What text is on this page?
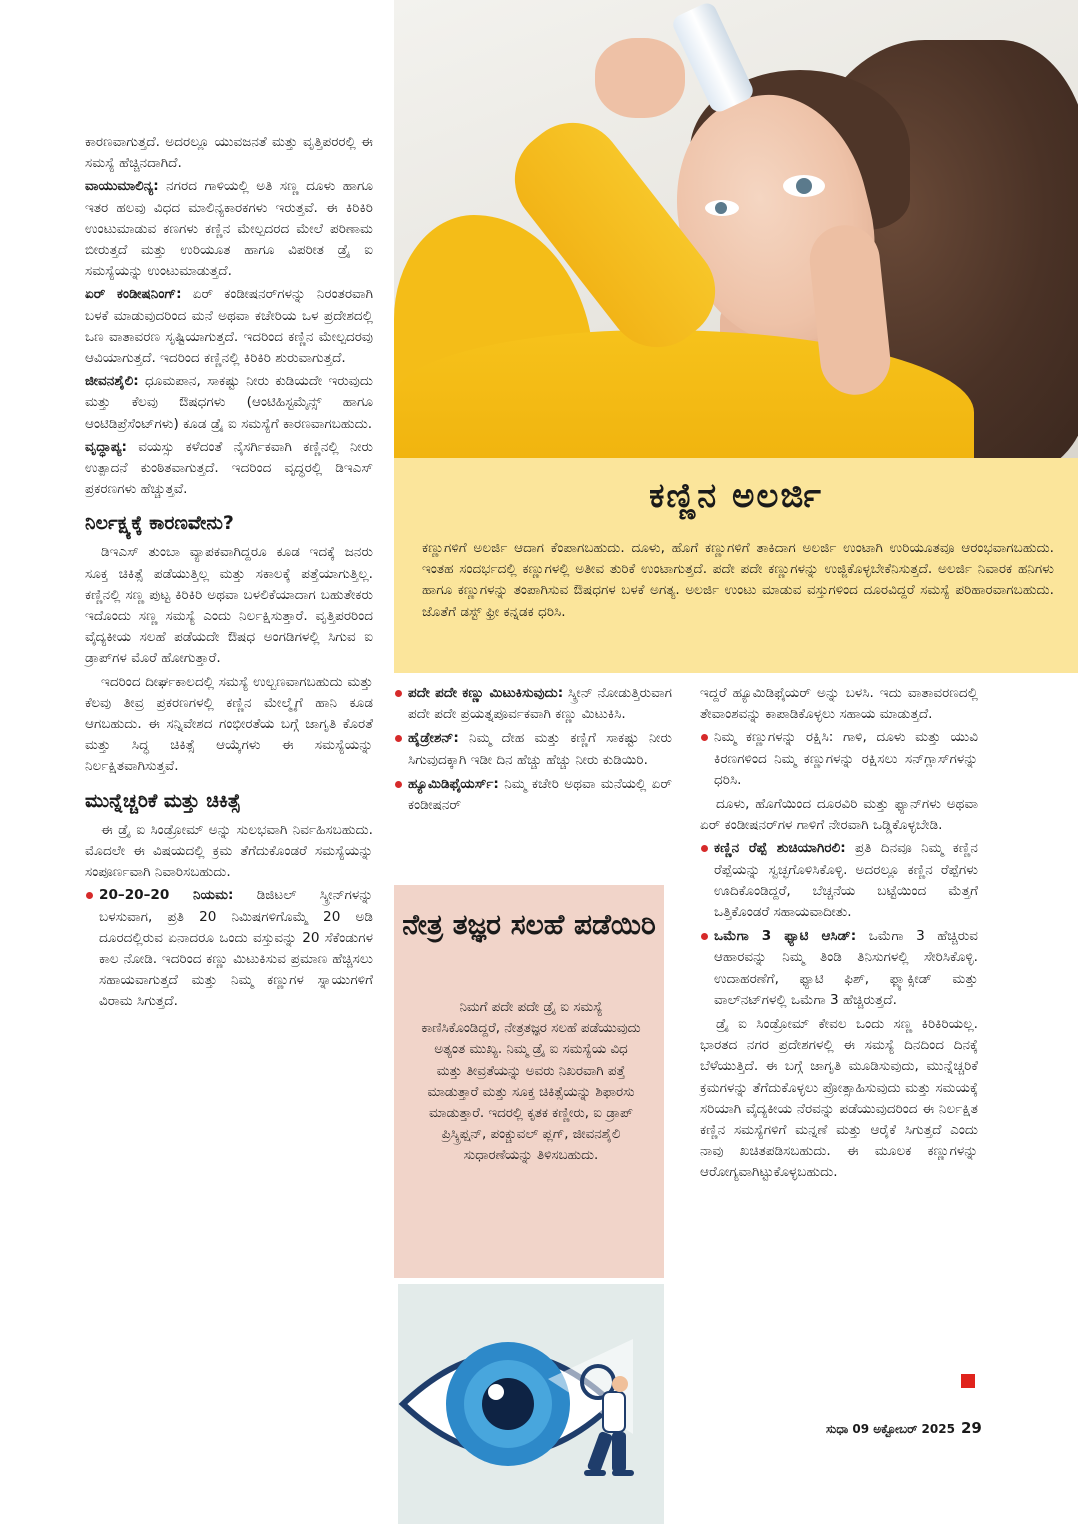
ಕಾರಣವಾಗುತ್ತದೆ. ಅದರಲ್ಲೂ ಯುವಜನತೆ ಮತ್ತು ವೃತ್ತಿಪರರಲ್ಲಿ ಈ ಸಮಸ್ಯೆ ಹೆಚ್ಚಿನದಾಗಿದೆ.

ವಾಯುಮಾಲಿನ್ಯ: ನಗರದ ಗಾಳಿಯಲ್ಲಿ ಅತಿ ಸಣ್ಣ ದೂಳು ಹಾಗೂ ಇತರ ಹಲವು ವಿಧದ ಮಾಲಿನ್ಯಕಾರಕಗಳು ಇರುತ್ತವೆ. ಈ ಕಿರಿಕಿರಿ ಉಂಟುಮಾಡುವ ಕಣಗಳು ಕಣ್ಣಿನ ಮೇಲ್ಪದರದ ಮೇಲೆ ಪರಿಣಾಮ ಬೀರುತ್ತದೆ ಮತ್ತು ಉರಿಯೂತ ಹಾಗೂ ವಿಪರೀತ ಡ್ರೈ ಐ ಸಮಸ್ಯೆಯನ್ನು ಉಂಟುಮಾಡುತ್ತದೆ.

ಏರ್ ಕಂಡೀಷನಿಂಗ್: ಏರ್ ಕಂಡೀಷನರ್‌ಗಳನ್ನು ನಿರಂತರವಾಗಿ ಬಳಕೆ ಮಾಡುವುದರಿಂದ ಮನೆ ಅಥವಾ ಕಚೇರಿಯ ಒಳ ಪ್ರದೇಶದಲ್ಲಿ ಒಣ ವಾತಾವರಣ ಸೃಷ್ಟಿಯಾಗುತ್ತದೆ. ಇದರಿಂದ ಕಣ್ಣಿನ ಮೇಲ್ಪದರವು ಆವಿಯಾಗುತ್ತದೆ. ಇದರಿಂದ ಕಣ್ಣಿನಲ್ಲಿ ಕಿರಿಕಿರಿ ಶುರುವಾಗುತ್ತದೆ.

ಜೀವನಶೈಲಿ: ಧೂಮಪಾನ, ಸಾಕಷ್ಟು ನೀರು ಕುಡಿಯದೇ ಇರುವುದು ಮತ್ತು ಕೆಲವು ಔಷಧಗಳು (ಆಂಟಿಹಿಸ್ಟಮೈನ್ಸ್ ಹಾಗೂ ಆಂಟಿಡಿಪ್ರೆಸೆಂಟ್‌ಗಳು) ಕೂಡ ಡ್ರೈ ಐ ಸಮಸ್ಯೆಗೆ ಕಾರಣವಾಗಬಹುದು.

ವೃದ್ಧಾಪ್ಯ: ವಯಸ್ಸು ಕಳೆದಂತೆ ನೈಸರ್ಗಿಕವಾಗಿ ಕಣ್ಣಿನಲ್ಲಿ ನೀರು ಉತ್ಪಾದನೆ ಕುಂಠಿತವಾಗುತ್ತದೆ. ಇದರಿಂದ ವೃದ್ಧರಲ್ಲಿ ಡಿಇಎಸ್ ಪ್ರಕರಣಗಳು ಹೆಚ್ಚುತ್ತವೆ.

ನಿರ್ಲಕ್ಷ್ಯಕ್ಕೆ ಕಾರಣವೇನು?

ಡಿಇಎಸ್ ತುಂಬಾ ವ್ಯಾಪಕವಾಗಿದ್ದರೂ ಕೂಡ ಇದಕ್ಕೆ ಜನರು ಸೂಕ್ತ ಚಿಕಿತ್ಸೆ ಪಡೆಯುತ್ತಿಲ್ಲ ಮತ್ತು ಸಕಾಲಕ್ಕೆ ಪತ್ತೆಯಾಗುತ್ತಿಲ್ಲ. ಕಣ್ಣಿನಲ್ಲಿ ಸಣ್ಣ ಪುಟ್ಟ ಕಿರಿಕಿರಿ ಅಥವಾ ಬಳಲಿಕೆಯಾದಾಗ ಬಹುತೇಕರು ಇದೊಂದು ಸಣ್ಣ ಸಮಸ್ಯೆ ಎಂದು ನಿರ್ಲಕ್ಷಿಸುತ್ತಾರೆ. ವೃತ್ತಿಪರರಿಂದ ವೈದ್ಯಕೀಯ ಸಲಹೆ ಪಡೆಯದೇ ಔಷಧ ಅಂಗಡಿಗಳಲ್ಲಿ ಸಿಗುವ ಐ ಡ್ರಾಪ್‌ಗಳ ಮೊರೆ ಹೋಗುತ್ತಾರೆ.

ಇದರಿಂದ ದೀರ್ಘಕಾಲದಲ್ಲಿ ಸಮಸ್ಯೆ ಉಲ್ಬಣವಾಗಬಹುದು ಮತ್ತು ಕೆಲವು ತೀವ್ರ ಪ್ರಕರಣಗಳಲ್ಲಿ ಕಣ್ಣಿನ ಮೇಲ್ಮೈಗೆ ಹಾನಿ ಕೂಡ ಆಗಬಹುದು. ಈ ಸನ್ನಿವೇಶದ ಗಂಭೀರತೆಯ ಬಗ್ಗೆ ಜಾಗೃತಿ ಕೊರತೆ ಮತ್ತು ಸಿದ್ಧ ಚಿಕಿತ್ಸೆ ಆಯ್ಕೆಗಳು ಈ ಸಮಸ್ಯೆಯನ್ನು ನಿರ್ಲಕ್ಷಿತವಾಗಿಸುತ್ತವೆ.

ಮುನ್ನೆಚ್ಚರಿಕೆ ಮತ್ತು ಚಿಕಿತ್ಸೆ

ಈ ಡ್ರೈ ಐ ಸಿಂಡ್ರೋಮ್ ಅನ್ನು ಸುಲಭವಾಗಿ ನಿರ್ವಹಿಸಬಹುದು. ಮೊದಲೇ ಈ ವಿಷಯದಲ್ಲಿ ಕ್ರಮ ತೆಗೆದುಕೊಂಡರೆ ಸಮಸ್ಯೆಯನ್ನು ಸಂಪೂರ್ಣವಾಗಿ ನಿವಾರಿಸಬಹುದು.

20–20–20 ನಿಯಮ: ಡಿಜಿಟಲ್ ಸ್ಕ್ರೀನ್‌ಗಳನ್ನು ಬಳಸುವಾಗ, ಪ್ರತಿ 20 ನಿಮಿಷಗಳಿಗೊಮ್ಮೆ 20 ಅಡಿ ದೂರದಲ್ಲಿರುವ ಏನಾದರೂ ಒಂದು ವಸ್ತುವನ್ನು 20 ಸೆಕೆಂಡುಗಳ ಕಾಲ ನೋಡಿ. ಇದರಿಂದ ಕಣ್ಣು ಮಿಟುಕಿಸುವ ಪ್ರಮಾಣ ಹೆಚ್ಚಿಸಲು ಸಹಾಯವಾಗುತ್ತದೆ ಮತ್ತು ನಿಮ್ಮ ಕಣ್ಣುಗಳ ಸ್ನಾಯುಗಳಿಗೆ ವಿರಾಮ ಸಿಗುತ್ತದೆ.
ಕಣ್ಣಿನ ಅಲರ್ಜಿ
ಕಣ್ಣುಗಳಿಗೆ ಅಲರ್ಜಿ ಆದಾಗ ಕೆಂಪಾಗಬಹುದು. ದೂಳು, ಹೊಗೆ ಕಣ್ಣುಗಳಿಗೆ ತಾಕಿದಾಗ ಅಲರ್ಜಿ ಉಂಟಾಗಿ ಉರಿಯೂತವೂ ಆರಂಭವಾಗಬಹುದು. ಇಂತಹ ಸಂದರ್ಭದಲ್ಲಿ ಕಣ್ಣುಗಳಲ್ಲಿ ಅತೀವ ತುರಿಕೆ ಉಂಟಾಗುತ್ತದೆ. ಪದೇ ಪದೇ ಕಣ್ಣುಗಳನ್ನು ಉಜ್ಜಿಕೊಳ್ಳಬೇಕೆನಿಸುತ್ತದೆ. ಅಲರ್ಜಿ ನಿವಾರಕ ಹನಿಗಳು ಹಾಗೂ ಕಣ್ಣುಗಳನ್ನು ತಂಪಾಗಿಸುವ ಔಷಧಗಳ ಬಳಕೆ ಅಗತ್ಯ. ಅಲರ್ಜಿ ಉಂಟು ಮಾಡುವ ವಸ್ತುಗಳಿಂದ ದೂರವಿದ್ದರೆ ಸಮಸ್ಯೆ ಪರಿಹಾರವಾಗಬಹುದು. ಜೊತೆಗೆ ಡಸ್ಟ್ ಫ್ರೀ ಕನ್ನಡಕ ಧರಿಸಿ.
ಪದೇ ಪದೇ ಕಣ್ಣು ಮಿಟುಕಿಸುವುದು: ಸ್ಕ್ರೀನ್ ನೋಡುತ್ತಿರುವಾಗ ಪದೇ ಪದೇ ಪ್ರಯತ್ನಪೂರ್ವಕವಾಗಿ ಕಣ್ಣು ಮಿಟುಕಿಸಿ.
ಹೈಡ್ರೇಶನ್: ನಿಮ್ಮ ದೇಹ ಮತ್ತು ಕಣ್ಣಿಗೆ ಸಾಕಷ್ಟು ನೀರು ಸಿಗುವುದಕ್ಕಾಗಿ ಇಡೀ ದಿನ ಹೆಚ್ಚು ಹೆಚ್ಚು ನೀರು ಕುಡಿಯಿರಿ.
ಹ್ಯೂಮಿಡಿಫೈಯರ್ಸ್: ನಿಮ್ಮ ಕಚೇರಿ ಅಥವಾ ಮನೆಯಲ್ಲಿ ಏರ್ ಕಂಡೀಷನರ್
ನೇತ್ರ ತಜ್ಞರ ಸಲಹೆ ಪಡೆಯಿರಿ
ನಿಮಗೆ ಪದೇ ಪದೇ ಡ್ರೈ ಐ ಸಮಸ್ಯೆ ಕಾಣಿಸಿಕೊಂಡಿದ್ದರೆ, ನೇತ್ರತಜ್ಞರ ಸಲಹೆ ಪಡೆಯುವುದು ಅತ್ಯಂತ ಮುಖ್ಯ. ನಿಮ್ಮ ಡ್ರೈ ಐ ಸಮಸ್ಯೆಯ ವಿಧ ಮತ್ತು ತೀವ್ರತೆಯನ್ನು ಅವರು ನಿಖರವಾಗಿ ಪತ್ತೆ ಮಾಡುತ್ತಾರೆ ಮತ್ತು ಸೂಕ್ತ ಚಿಕಿತ್ಸೆಯನ್ನು ಶಿಫಾರಸು ಮಾಡುತ್ತಾರೆ. ಇದರಲ್ಲಿ ಕೃತಕ ಕಣ್ಣೀರು, ಐ ಡ್ರಾಪ್ ಪ್ರಿಸ್ಕ್ರಿಪ್ಷನ್, ಪಂಕ್ಚುವಲ್ ಪ್ಲಗ್, ಜೀವನಶೈಲಿ ಸುಧಾರಣೆಯನ್ನು ತಿಳಿಸಬಹುದು.

ಇದ್ದರೆ ಹ್ಯೂಮಿಡಿಫೈಯರ್ ಅನ್ನು ಬಳಸಿ. ಇದು ವಾತಾವರಣದಲ್ಲಿ ತೇವಾಂಶವನ್ನು ಕಾಪಾಡಿಕೊಳ್ಳಲು ಸಹಾಯ ಮಾಡುತ್ತದೆ.

ನಿಮ್ಮ ಕಣ್ಣುಗಳನ್ನು ರಕ್ಷಿಸಿ: ಗಾಳಿ, ದೂಳು ಮತ್ತು ಯುವಿ ಕಿರಣಗಳಿಂದ ನಿಮ್ಮ ಕಣ್ಣುಗಳನ್ನು ರಕ್ಷಿಸಲು ಸನ್‌ಗ್ಲಾಸ್‌ಗಳನ್ನು ಧರಿಸಿ.

ದೂಳು, ಹೊಗೆಯಿಂದ ದೂರವಿರಿ ಮತ್ತು ಫ್ಯಾನ್‌ಗಳು ಅಥವಾ ಏರ್ ಕಂಡೀಷನರ್‌ಗಳ ಗಾಳಿಗೆ ನೇರವಾಗಿ ಒಡ್ಡಿಕೊಳ್ಳಬೇಡಿ.

ಕಣ್ಣಿನ ರೆಪ್ಪೆ ಶುಚಿಯಾಗಿರಲಿ: ಪ್ರತಿ ದಿನವೂ ನಿಮ್ಮ ಕಣ್ಣಿನ ರೆಪ್ಪೆಯನ್ನು ಸ್ವಚ್ಛಗೊಳಿಸಿಕೊಳ್ಳಿ. ಅದರಲ್ಲೂ ಕಣ್ಣಿನ ರೆಪ್ಪೆಗಳು ಊದಿಕೊಂಡಿದ್ದರೆ, ಬೆಚ್ಚನೆಯ ಬಟ್ಟೆಯಿಂದ ಮೆತ್ತಗೆ ಒತ್ತಿಕೊಂಡರೆ ಸಹಾಯವಾದೀತು.
ಒಮೆಗಾ 3 ಫ್ಯಾಟಿ ಆಸಿಡ್: ಒಮೆಗಾ 3 ಹೆಚ್ಚಿರುವ ಆಹಾರವನ್ನು ನಿಮ್ಮ ತಿಂಡಿ ತಿನಿಸುಗಳಲ್ಲಿ ಸೇರಿಸಿಕೊಳ್ಳಿ. ಉದಾಹರಣೆಗೆ, ಫ್ಯಾಟಿ ಫಿಶ್, ಫ್ಲ್ಯಾಕ್ಸೀಡ್ ಮತ್ತು ವಾಲ್‌ನಟ್‌ಗಳಲ್ಲಿ ಒಮೆಗಾ 3 ಹೆಚ್ಚಿರುತ್ತದೆ.

ಡ್ರೈ ಐ ಸಿಂಡ್ರೋಮ್ ಕೇವಲ ಒಂದು ಸಣ್ಣ ಕಿರಿಕಿರಿಯಲ್ಲ. ಭಾರತದ ನಗರ ಪ್ರದೇಶಗಳಲ್ಲಿ ಈ ಸಮಸ್ಯೆ ದಿನದಿಂದ ದಿನಕ್ಕೆ ಬೆಳೆಯುತ್ತಿದೆ. ಈ ಬಗ್ಗೆ ಜಾಗೃತಿ ಮೂಡಿಸುವುದು, ಮುನ್ನೆಚ್ಚರಿಕೆ ಕ್ರಮಗಳನ್ನು ತೆಗೆದುಕೊಳ್ಳಲು ಪ್ರೋತ್ಸಾಹಿಸುವುದು ಮತ್ತು ಸಮಯಕ್ಕೆ ಸರಿಯಾಗಿ ವೈದ್ಯಕೀಯ ನೆರವನ್ನು ಪಡೆಯುವುದರಿಂದ ಈ ನಿರ್ಲಕ್ಷಿತ ಕಣ್ಣಿನ ಸಮಸ್ಯೆಗಳಿಗೆ ಮನ್ನಣೆ ಮತ್ತು ಆರೈಕೆ ಸಿಗುತ್ತದೆ ಎಂದು ನಾವು ಖಚಿತಪಡಿಸಬಹುದು. ಈ ಮೂಲಕ ಕಣ್ಣುಗಳನ್ನು ಆರೋಗ್ಯವಾಗಿಟ್ಟುಕೊಳ್ಳಬಹುದು.

ಸುಧಾ 09 ಅಕ್ಟೋಬರ್ 2025 29
